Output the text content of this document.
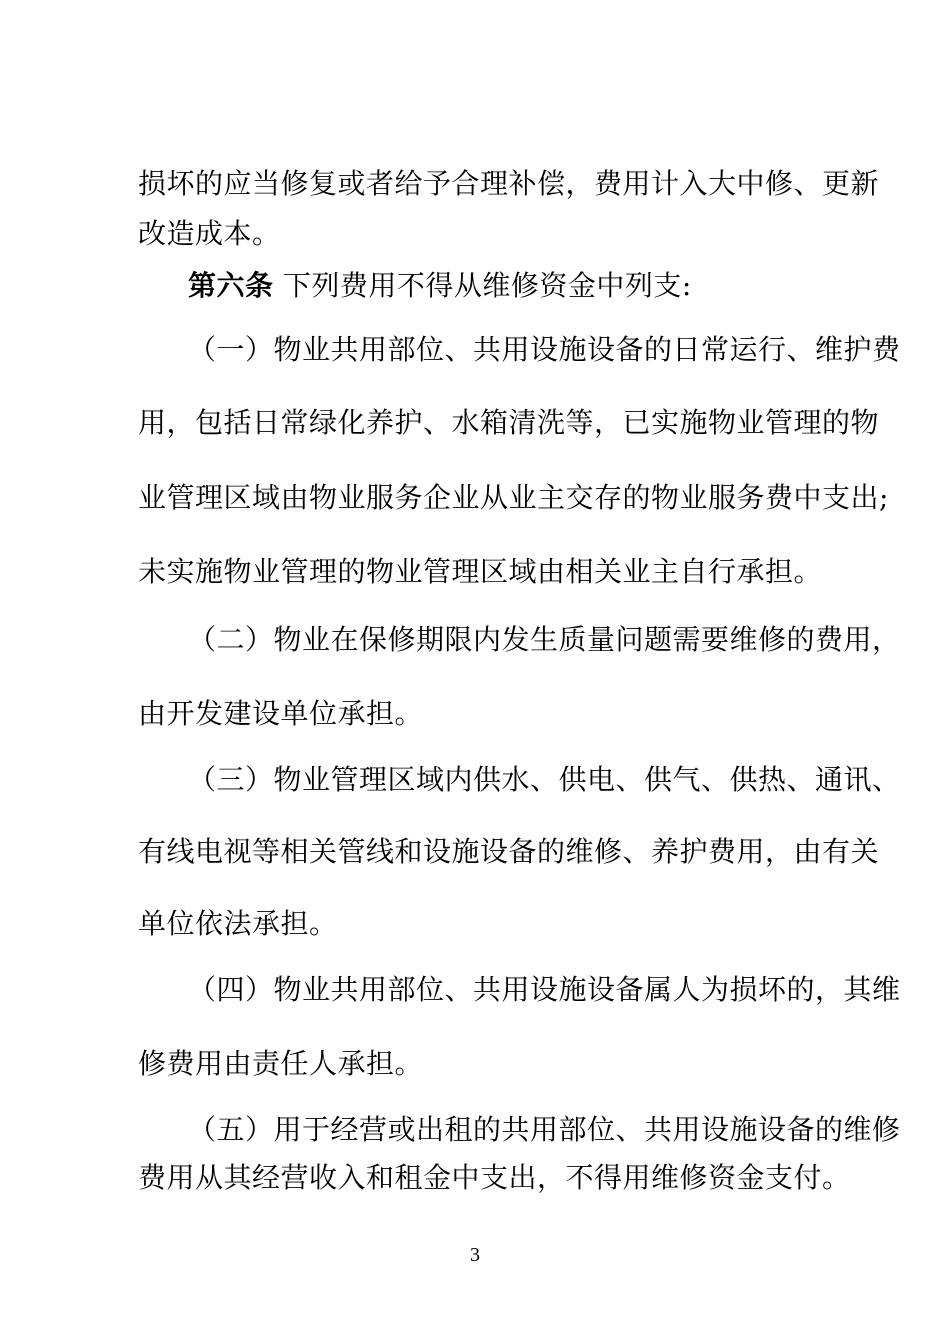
损坏的应当修复或者给予合理补偿，费用计入大中修、更新
改造成本。
第六条 下列费用不得从维修资金中列支:
（一）物业共用部位、共用设施设备的日常运行、维护费
用，包括日常绿化养护、水箱清洗等，已实施物业管理的物
业管理区域由物业服务企业从业主交存的物业服务费中支出;
未实施物业管理的物业管理区域由相关业主自行承担。
（二）物业在保修期限内发生质量问题需要维修的费用，
由开发建设单位承担。
（三）物业管理区域内供水、供电、供气、供热、通讯、
有线电视等相关管线和设施设备的维修、养护费用，由有关
单位依法承担。
（四）物业共用部位、共用设施设备属人为损坏的，其维
修费用由责任人承担。
（五）用于经营或出租的共用部位、共用设施设备的维修
费用从其经营收入和租金中支出，不得用维修资金支付。
3
